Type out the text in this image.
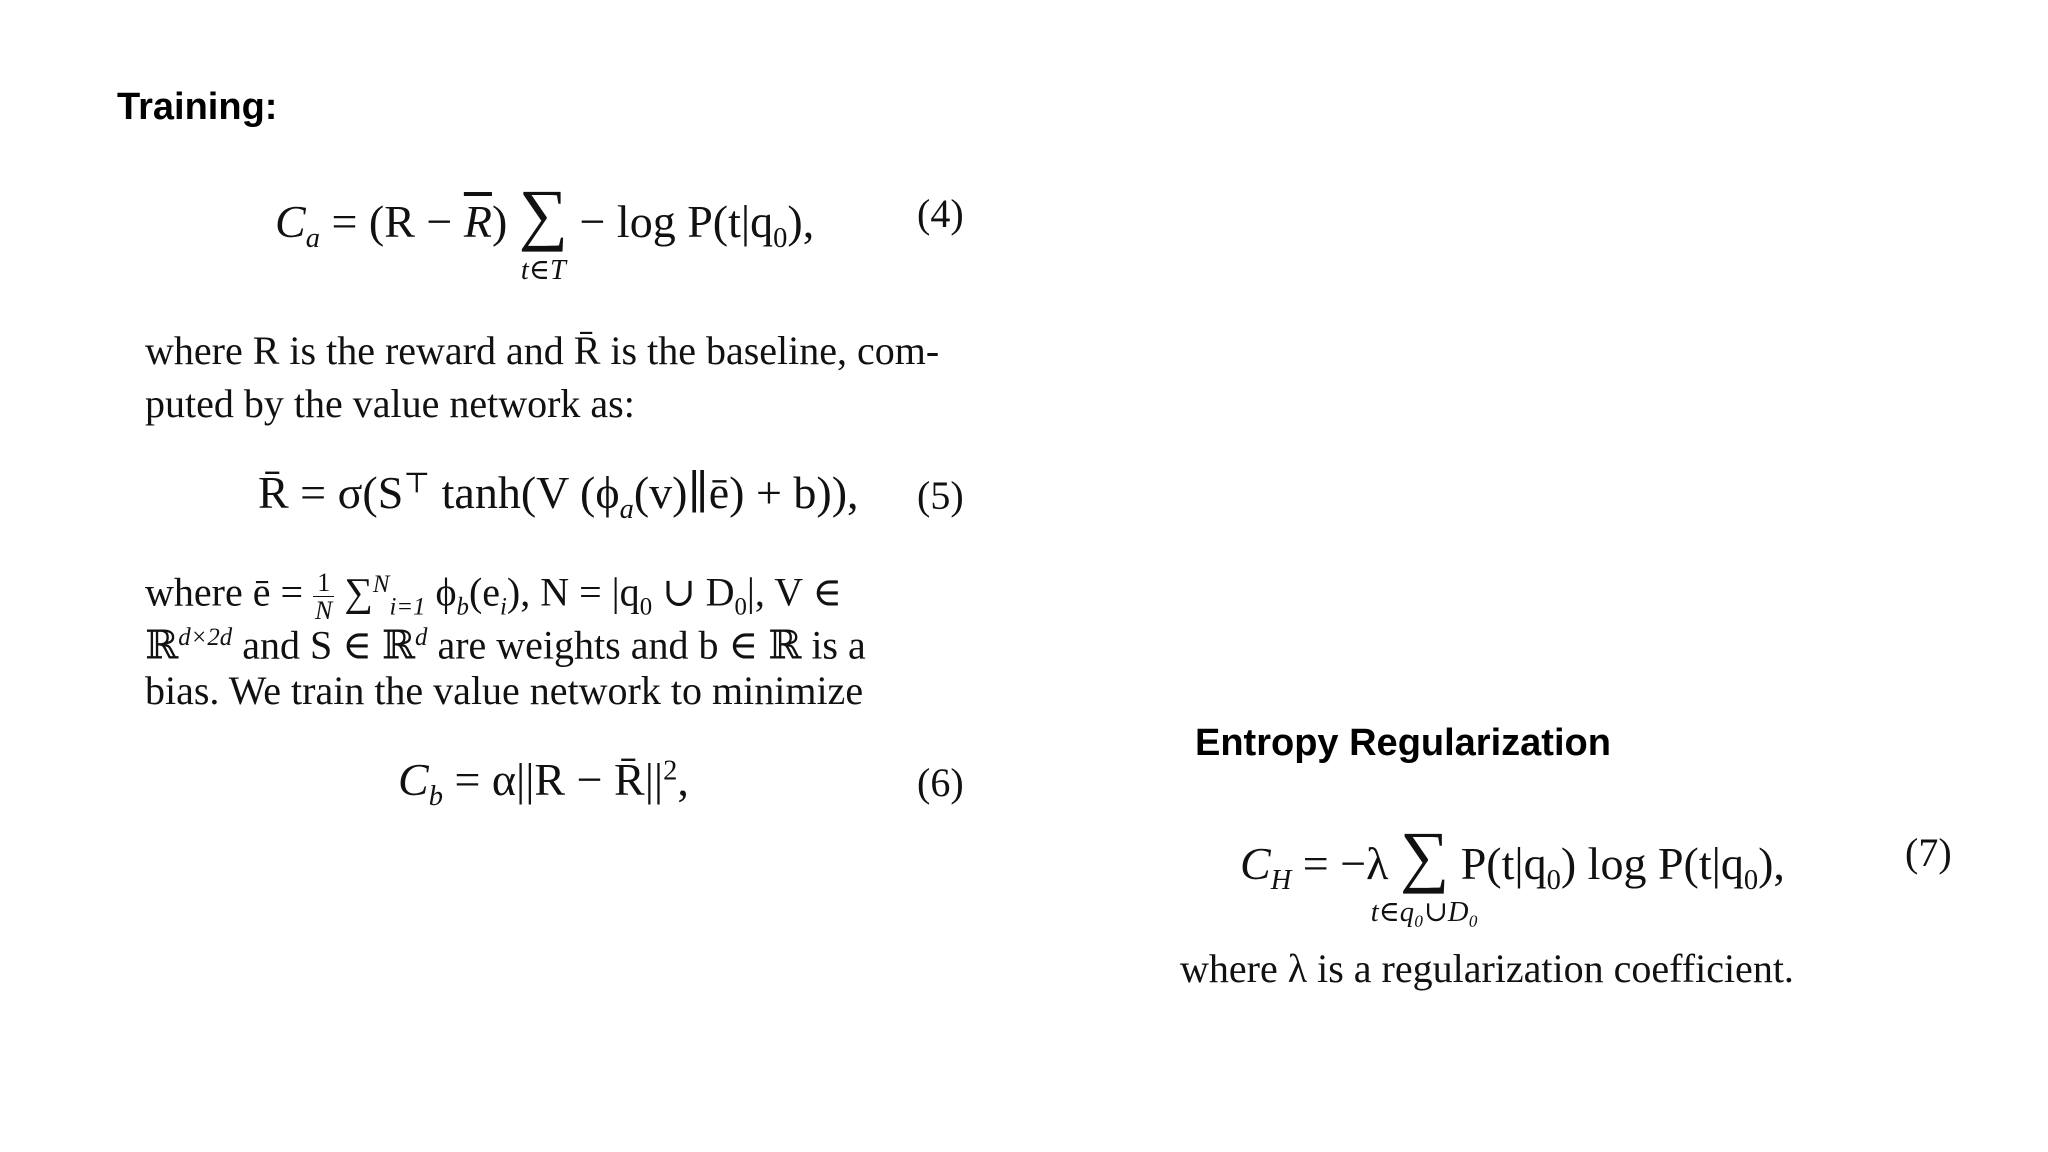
Training:
$C_a = (R - \overline{R})$ ∑
t∈T
− $\log P(t|q_0)$,	(4)
where R is the reward and R̄ is the baseline, com-
puted by the value network as:
R̄ = σ(S⊤ tanh(V $(\phi_a(v)\parallel ē) + b$)), (5)
where ē = $\frac{1}{N} \sum^N_{i=1}$ $\phi_b(e_i)$, $N = |q_0$ ∪ $D_0|$, V ∈
ℝ$^{d\times 2d}$ and S ∈ ℝ$^d$ are weights and b ∈ ℝ is a
bias. We train the value network to minimize
$C_b = \alpha||R$ − $R̄||^2$,	(6)
Entropy Regularization
$C_H = -\lambda$ ∑
t∈q₀∪D₀
$P(t|q_0)$ $\log P(t|q_0)$,	(7)
where λ is a regularization coefficient.
